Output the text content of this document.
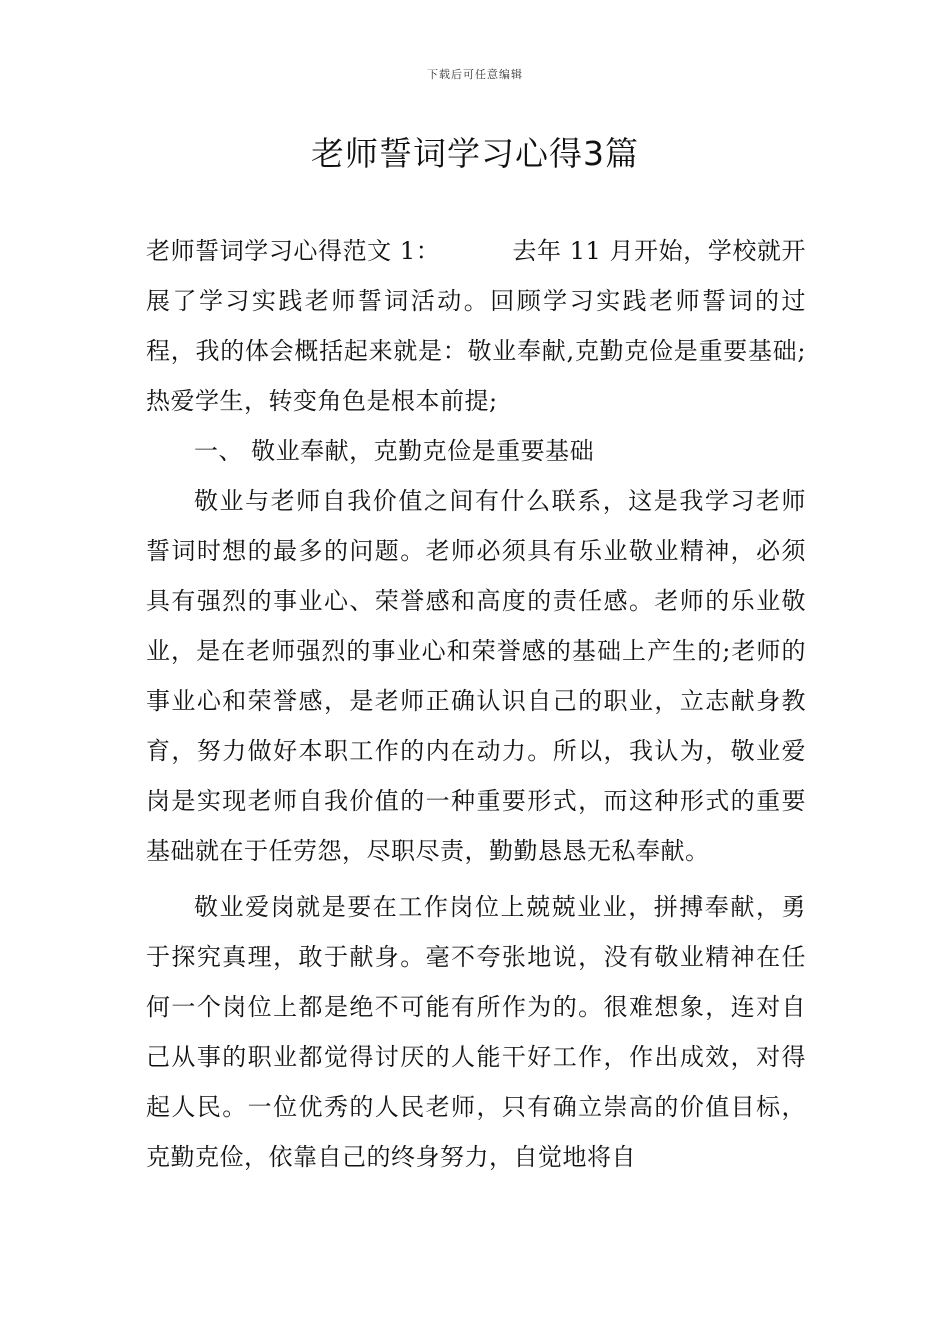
下载后可任意编辑
老师誓词学习心得3篇

老师誓词学习心得范文 1：	去年 11 月开始，学校就开展了学习实践老师誓词活动。回顾学习实践老师誓词的过程，我的体会概括起来就是：敬业奉献,克勤克俭是重要基础;热爱学生，转变角色是根本前提;

一、 敬业奉献，克勤克俭是重要基础

敬业与老师自我价值之间有什么联系，这是我学习老师誓词时想的最多的问题。老师必须具有乐业敬业精神，必须具有强烈的事业心、荣誉感和高度的责任感。老师的乐业敬业，是在老师强烈的事业心和荣誉感的基础上产生的;老师的事业心和荣誉感，是老师正确认识自己的职业，立志献身教育，努力做好本职工作的内在动力。所以，我认为，敬业爱岗是实现老师自我价值的一种重要形式，而这种形式的重要基础就在于任劳怨，尽职尽责，勤勤恳恳无私奉献。

敬业爱岗就是要在工作岗位上兢兢业业，拼搏奉献，勇于探究真理，敢于献身。毫不夸张地说，没有敬业精神在任何一个岗位上都是绝不可能有所作为的。很难想象，连对自己从事的职业都觉得讨厌的人能干好工作，作出成效，对得起人民。一位优秀的人民老师，只有确立崇高的价值目标，克勤克俭，依靠自己的终身努力，自觉地将自
